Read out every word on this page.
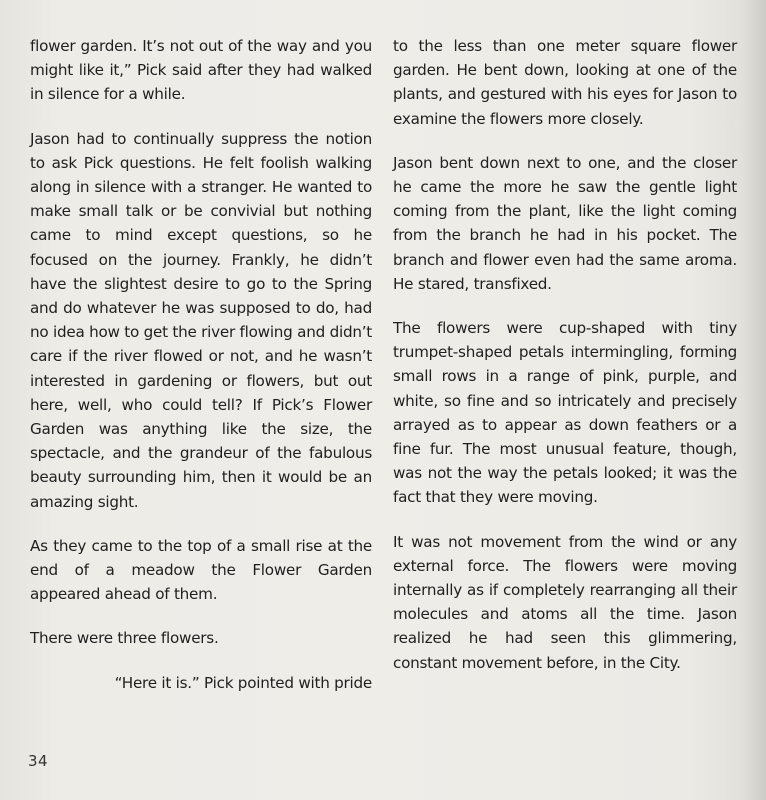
flower garden. It’s not out of the way and you might like it,” Pick said after they had walked in silence for a while.

Jason had to continually suppress the notion to ask Pick questions. He felt foolish walking along in silence with a stranger. He wanted to make small talk or be convivial but nothing came to mind except questions, so he focused on the journey. Frankly, he didn’t have the slightest desire to go to the Spring and do whatever he was supposed to do, had no idea how to get the river flowing and didn’t care if the river flowed or not, and he wasn’t interested in gardening or flowers, but out here, well, who could tell? If Pick’s Flower Garden was anything like the size, the spectacle, and the grandeur of the fabulous beauty surrounding him, then it would be an amazing sight.

As they came to the top of a small rise at the end of a meadow the Flower Garden appeared ahead of them.

There were three flowers.

“Here it is.” Pick pointed with pride

to the less than one meter square flower garden. He bent down, looking at one of the plants, and gestured with his eyes for Jason to examine the flowers more closely.

Jason bent down next to one, and the closer he came the more he saw the gentle light coming from the plant, like the light coming from the branch he had in his pocket. The branch and flower even had the same aroma. He stared, transfixed.

The flowers were cup-shaped with tiny trumpet-shaped petals intermingling, forming small rows in a range of pink, purple, and white, so fine and so intricately and precisely arrayed as to appear as down feathers or a fine fur. The most unusual feature, though, was not the way the petals looked; it was the fact that they were moving.

It was not movement from the wind or any external force. The flowers were moving internally as if completely rearranging all their molecules and atoms all the time. Jason realized he had seen this glimmering, constant movement before, in the City.

34
